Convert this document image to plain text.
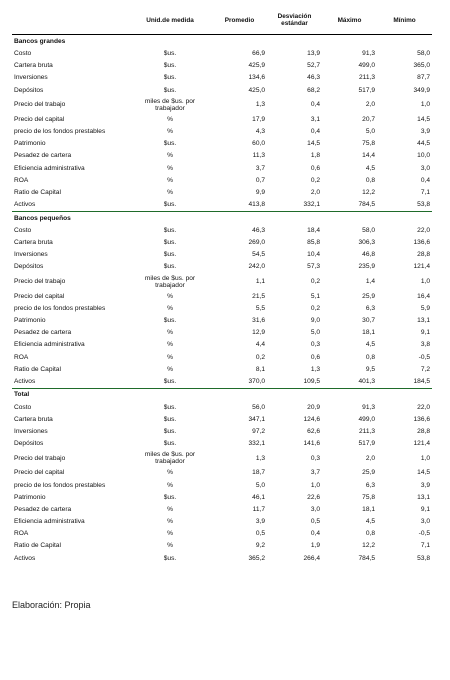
	Unid.de medida	Promedio	Desviación estándar	Máximo	Mínimo
Bancos grandes					
Costo	$us.	66,9	13,9	91,3	58,0
Cartera bruta	$us.	425,9	52,7	499,0	365,0
Inversiones	$us.	134,6	46,3	211,3	87,7
Depósitos	$us.	425,0	68,2	517,9	349,9
Precio del trabajo	miles de $us. por trabajador	1,3	0,4	2,0	1,0
Precio del capital	%	17,9	3,1	20,7	14,5
precio de los fondos prestables	%	4,3	0,4	5,0	3,9
Patrimonio	$us.	60,0	14,5	75,8	44,5
Pesadez de cartera	%	11,3	1,8	14,4	10,0
Eficiencia administrativa	%	3,7	0,6	4,5	3,0
ROA	%	0,7	0,2	0,8	0,4
Ratio de Capital	%	9,9	2,0	12,2	7,1
Activos	$us.	413,8	332,1	784,5	53,8
Bancos pequeños					
Costo	$us.	46,3	18,4	58,0	22,0
Cartera bruta	$us.	269,0	85,8	306,3	136,6
Inversiones	$us.	54,5	10,4	46,8	28,8
Depósitos	$us.	242,0	57,3	235,9	121,4
Precio del trabajo	miles de $us. por trabajador	1,1	0,2	1,4	1,0
Precio del capital	%	21,5	5,1	25,9	16,4
precio de los fondos prestables	%	5,5	0,2	6,3	5,9
Patrimonio	$us.	31,6	9,0	30,7	13,1
Pesadez de cartera	%	12,9	5,0	18,1	9,1
Eficiencia administrativa	%	4,4	0,3	4,5	3,8
ROA	%	0,2	0,6	0,8	-0,5
Ratio de Capital	%	8,1	1,3	9,5	7,2
Activos	$us.	370,0	109,5	401,3	184,5
Total					
Costo	$us.	56,0	20,9	91,3	22,0
Cartera bruta	$us.	347,1	124,6	499,0	136,6
Inversiones	$us.	97,2	62,6	211,3	28,8
Depósitos	$us.	332,1	141,6	517,9	121,4
Precio del trabajo	miles de $us. por trabajador	1,3	0,3	2,0	1,0
Precio del capital	%	18,7	3,7	25,9	14,5
precio de los fondos prestables	%	5,0	1,0	6,3	3,9
Patrimonio	$us.	46,1	22,6	75,8	13,1
Pesadez de cartera	%	11,7	3,0	18,1	9,1
Eficiencia administrativa	%	3,9	0,5	4,5	3,0
ROA	%	0,5	0,4	0,8	-0,5
Ratio de Capital	%	9,2	1,9	12,2	7,1
Activos	$us.	365,2	266,4	784,5	53,8
Elaboración: Propia
